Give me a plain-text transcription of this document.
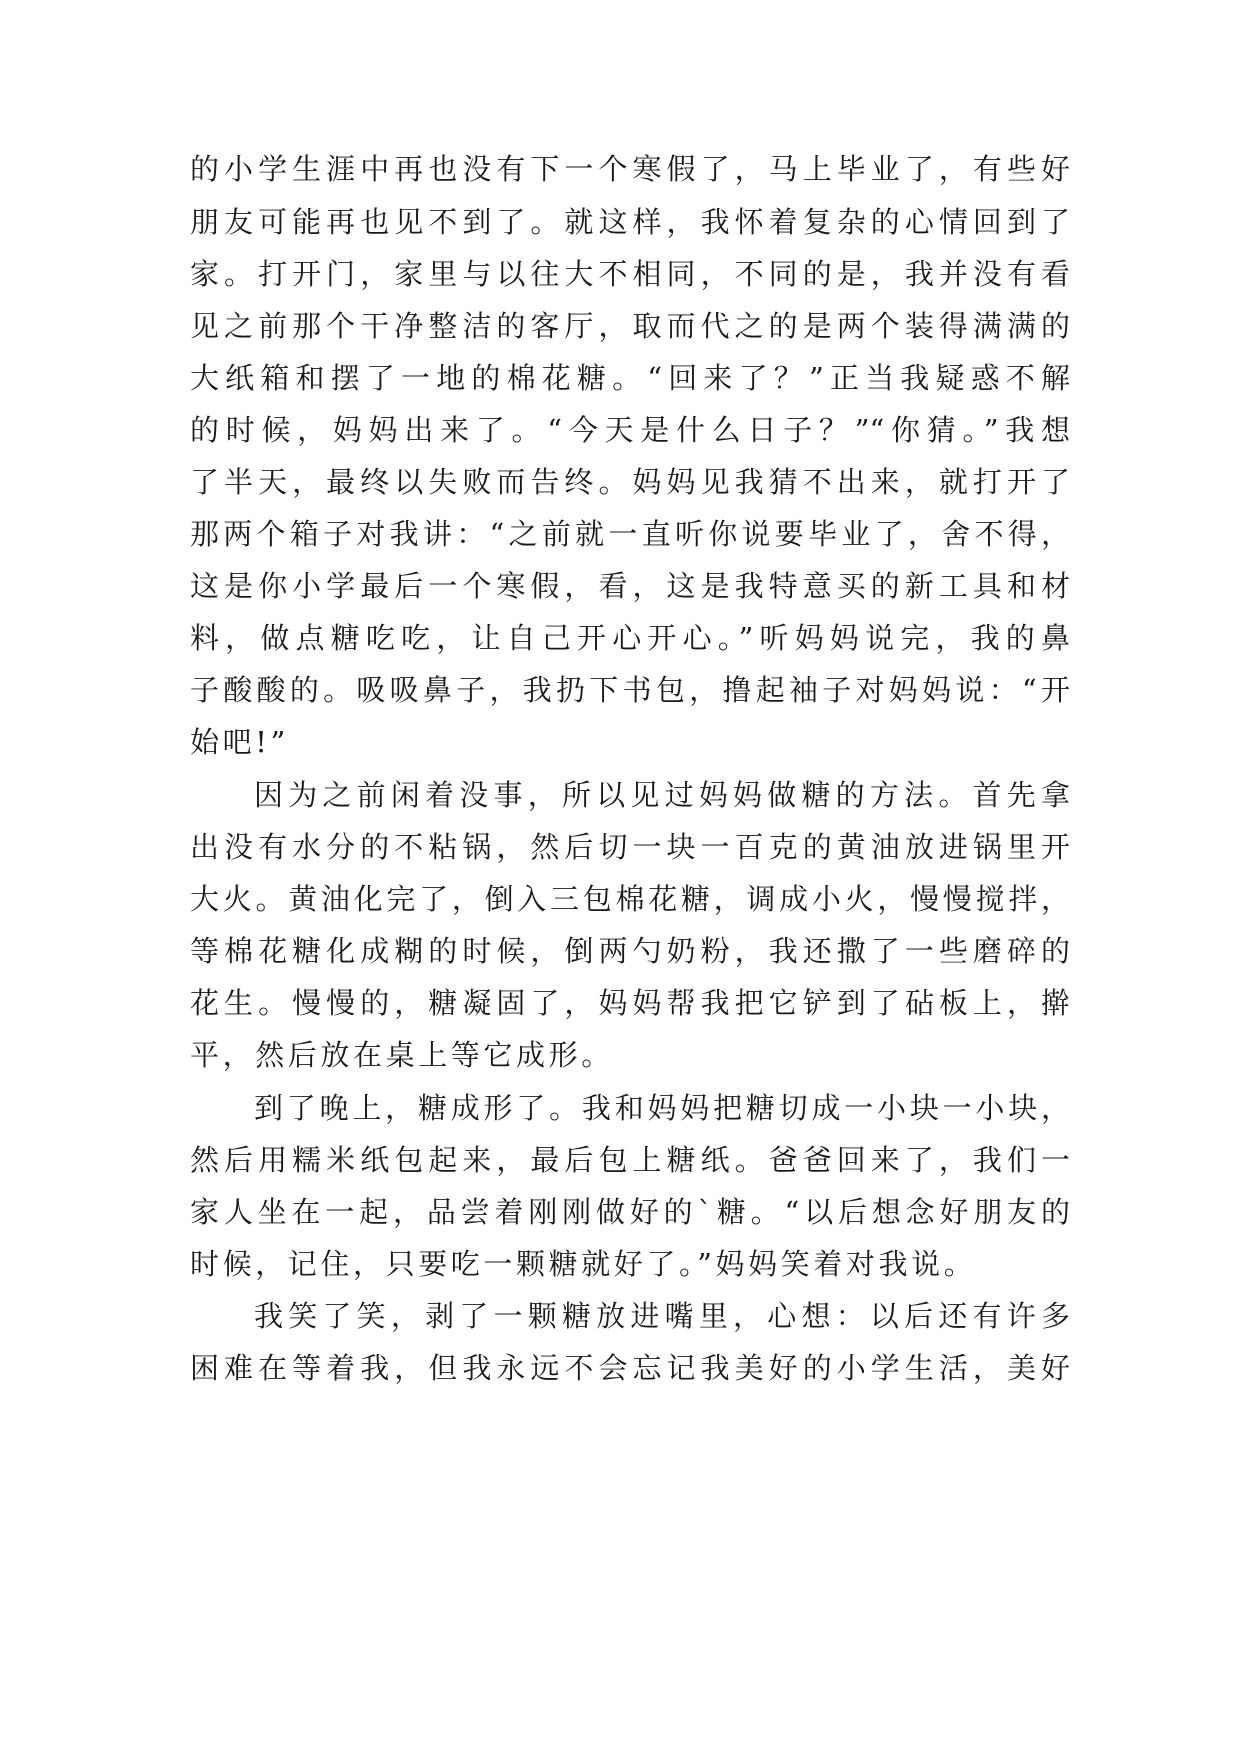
的小学生涯中再也没有下一个寒假了，马上毕业了，有些好
朋友可能再也见不到了。就这样，我怀着复杂的心情回到了
家。打开门，家里与以往大不相同，不同的是，我并没有看
见之前那个干净整洁的客厅，取而代之的是两个装得满满的
大纸箱和摆了一地的棉花糖。“回来了？”正当我疑惑不解
的时候，妈妈出来了。“今天是什么日子？”“你猜。”我想
了半天，最终以失败而告终。妈妈见我猜不出来，就打开了
那两个箱子对我讲：“之前就一直听你说要毕业了，舍不得，
这是你小学最后一个寒假，看，这是我特意买的新工具和材
料，做点糖吃吃，让自己开心开心。”听妈妈说完，我的鼻
子酸酸的。吸吸鼻子，我扔下书包，撸起袖子对妈妈说：“开
始吧!”
因为之前闲着没事，所以见过妈妈做糖的方法。首先拿
出没有水分的不粘锅，然后切一块一百克的黄油放进锅里开
大火。黄油化完了，倒入三包棉花糖，调成小火，慢慢搅拌，
等棉花糖化成糊的时候，倒两勺奶粉，我还撒了一些磨碎的
花生。慢慢的，糖凝固了，妈妈帮我把它铲到了砧板上，擀
平，然后放在桌上等它成形。
到了晚上，糖成形了。我和妈妈把糖切成一小块一小块，
然后用糯米纸包起来，最后包上糖纸。爸爸回来了，我们一
家人坐在一起，品尝着刚刚做好的`糖。“以后想念好朋友的
时候，记住，只要吃一颗糖就好了。”妈妈笑着对我说。
我笑了笑，剥了一颗糖放进嘴里，心想：以后还有许多
困难在等着我，但我永远不会忘记我美好的小学生活，美好
